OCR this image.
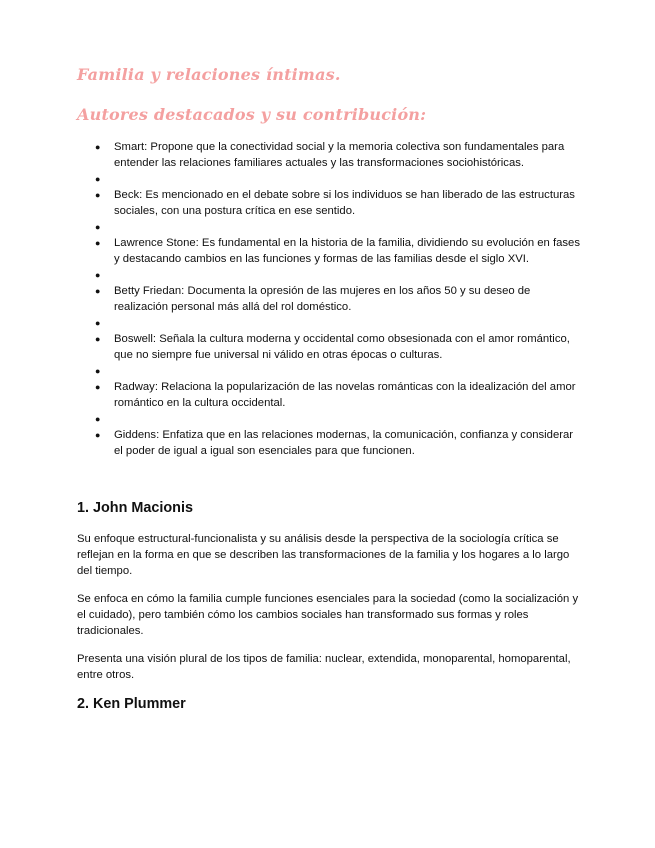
Familia y relaciones íntimas.
Autores destacados y su contribución:
● Smart: Propone que la conectividad social y la memoria colectiva son fundamentales para entender las relaciones familiares actuales y las transformaciones sociohistóricas.
●
● Beck: Es mencionado en el debate sobre si los individuos se han liberado de las estructuras sociales, con una postura crítica en ese sentido.
●
● Lawrence Stone: Es fundamental en la historia de la familia, dividiendo su evolución en fases y destacando cambios en las funciones y formas de las familias desde el siglo XVI.
●
● Betty Friedan: Documenta la opresión de las mujeres en los años 50 y su deseo de realización personal más allá del rol doméstico.
●
● Boswell: Señala la cultura moderna y occidental como obsesionada con el amor romántico, que no siempre fue universal ni válido en otras épocas o culturas.
●
● Radway: Relaciona la popularización de las novelas románticas con la idealización del amor romántico en la cultura occidental.
●
● Giddens: Enfatiza que en las relaciones modernas, la comunicación, confianza y considerar el poder de igual a igual son esenciales para que funcionen.
1. John Macionis

Su enfoque estructural-funcionalista y su análisis desde la perspectiva de la sociología crítica se reflejan en la forma en que se describen las transformaciones de la familia y los hogares a lo largo del tiempo.

Se enfoca en cómo la familia cumple funciones esenciales para la sociedad (como la socialización y el cuidado), pero también cómo los cambios sociales han transformado sus formas y roles tradicionales.

Presenta una visión plural de los tipos de familia: nuclear, extendida, monoparental, homoparental, entre otros.

2. Ken Plummer
